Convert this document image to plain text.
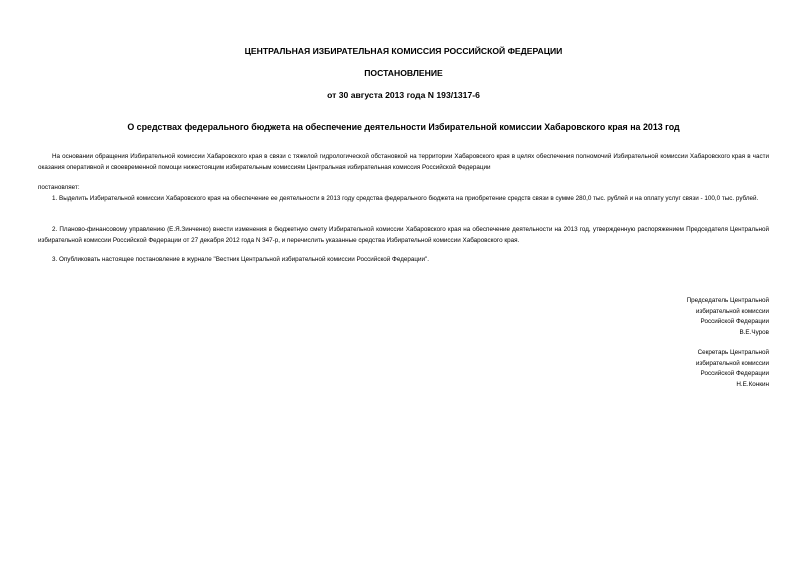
ЦЕНТРАЛЬНАЯ ИЗБИРАТЕЛЬНАЯ КОМИССИЯ РОССИЙСКОЙ ФЕДЕРАЦИИ
ПОСТАНОВЛЕНИЕ
от 30 августа 2013 года N 193/1317-6
О средствах федерального бюджета на обеспечение деятельности Избирательной комиссии Хабаровского края на 2013 год
На основании обращения Избирательной комиссии Хабаровского края в связи с тяжелой гидрологической обстановкой на территории Хабаровского края в целях обеспечения полномочий Избирательной комиссии Хабаровского края в части оказания оперативной и своевременной помощи нижестоящим избирательным комиссиям Центральная избирательная комиссия Российской Федерации
постановляет:
1. Выделить Избирательной комиссии Хабаровского края на обеспечение ее деятельности в 2013 году средства федерального бюджета на приобретение средств связи в сумме 280,0 тыс. рублей и на оплату услуг связи - 100,0 тыс. рублей.
2. Планово-финансовому управлению (Е.Я.Зинченко) внести изменения в бюджетную смету Избирательной комиссии Хабаровского края на обеспечение деятельности на 2013 год, утвержденную распоряжением Председателя Центральной избирательной комиссии Российской Федерации от 27 декабря 2012 года N 347-р, и перечислить указанные средства Избирательной комиссии Хабаровского края.
3. Опубликовать настоящее постановление в журнале "Вестник Центральной избирательной комиссии Российской Федерации".
Председатель Центральной
избирательной комиссии
Российской Федерации
В.Е.Чуров
Секретарь Центральной
избирательной комиссии
Российской Федерации
Н.Е.Конкин
